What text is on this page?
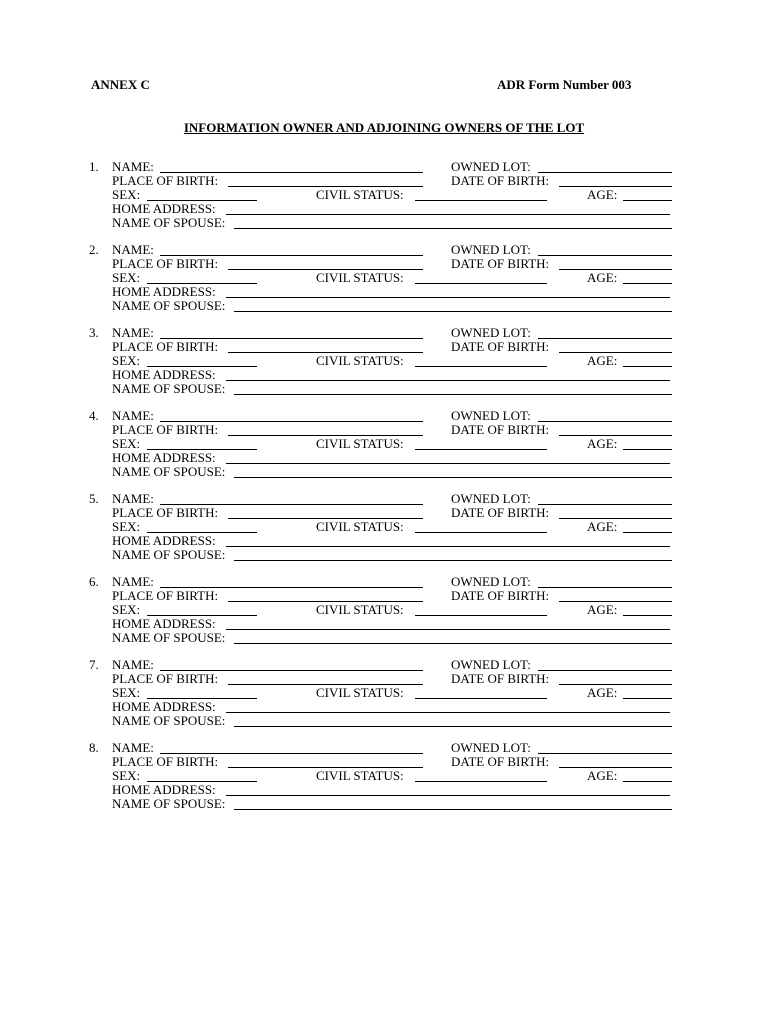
ANNEX C	ADR Form Number 003
INFORMATION OWNER AND ADJOINING OWNERS OF THE LOT
1. NAME:	OWNED LOT:
PLACE OF BIRTH:	DATE OF BIRTH:
SEX:	CIVIL STATUS:	AGE:
HOME ADDRESS:
NAME OF SPOUSE:
2. NAME:	OWNED LOT:
PLACE OF BIRTH:	DATE OF BIRTH:
SEX:	CIVIL STATUS:	AGE:
HOME ADDRESS:
NAME OF SPOUSE:
3. NAME:	OWNED LOT:
PLACE OF BIRTH:	DATE OF BIRTH:
SEX:	CIVIL STATUS:	AGE:
HOME ADDRESS:
NAME OF SPOUSE:
4. NAME:	OWNED LOT:
PLACE OF BIRTH:	DATE OF BIRTH:
SEX:	CIVIL STATUS:	AGE:
HOME ADDRESS:
NAME OF SPOUSE:
5. NAME:	OWNED LOT:
PLACE OF BIRTH:	DATE OF BIRTH:
SEX:	CIVIL STATUS:	AGE:
HOME ADDRESS:
NAME OF SPOUSE:
6. NAME:	OWNED LOT:
PLACE OF BIRTH:	DATE OF BIRTH:
SEX:	CIVIL STATUS:	AGE:
HOME ADDRESS:
NAME OF SPOUSE:
7. NAME:	OWNED LOT:
PLACE OF BIRTH:	DATE OF BIRTH:
SEX:	CIVIL STATUS:	AGE:
HOME ADDRESS:
NAME OF SPOUSE:
8. NAME:	OWNED LOT:
PLACE OF BIRTH:	DATE OF BIRTH:
SEX:	CIVIL STATUS:	AGE:
HOME ADDRESS:
NAME OF SPOUSE:
